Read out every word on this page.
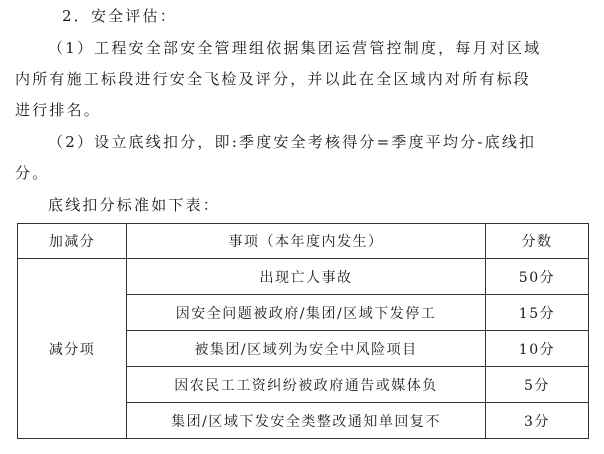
2．安全评估：
（1）工程安全部安全管理组依据集团运营管控制度，每月对区域
内所有施工标段进行安全飞检及评分，并以此在全区域内对所有标段
进行排名。
（2）设立底线扣分，即:季度安全考核得分=季度平均分-底线扣
分。
底线扣分标准如下表：
加减分	事项（本年度内发生）	分数
减分项	出现亡人事故	50分
	因安全问题被政府/集团/区域下发停工	15分
	被集团/区域列为安全中风险项目	10分
	因农民工工资纠纷被政府通告或媒体负	5分
	集团/区域下发安全类整改通知单回复不	3分
